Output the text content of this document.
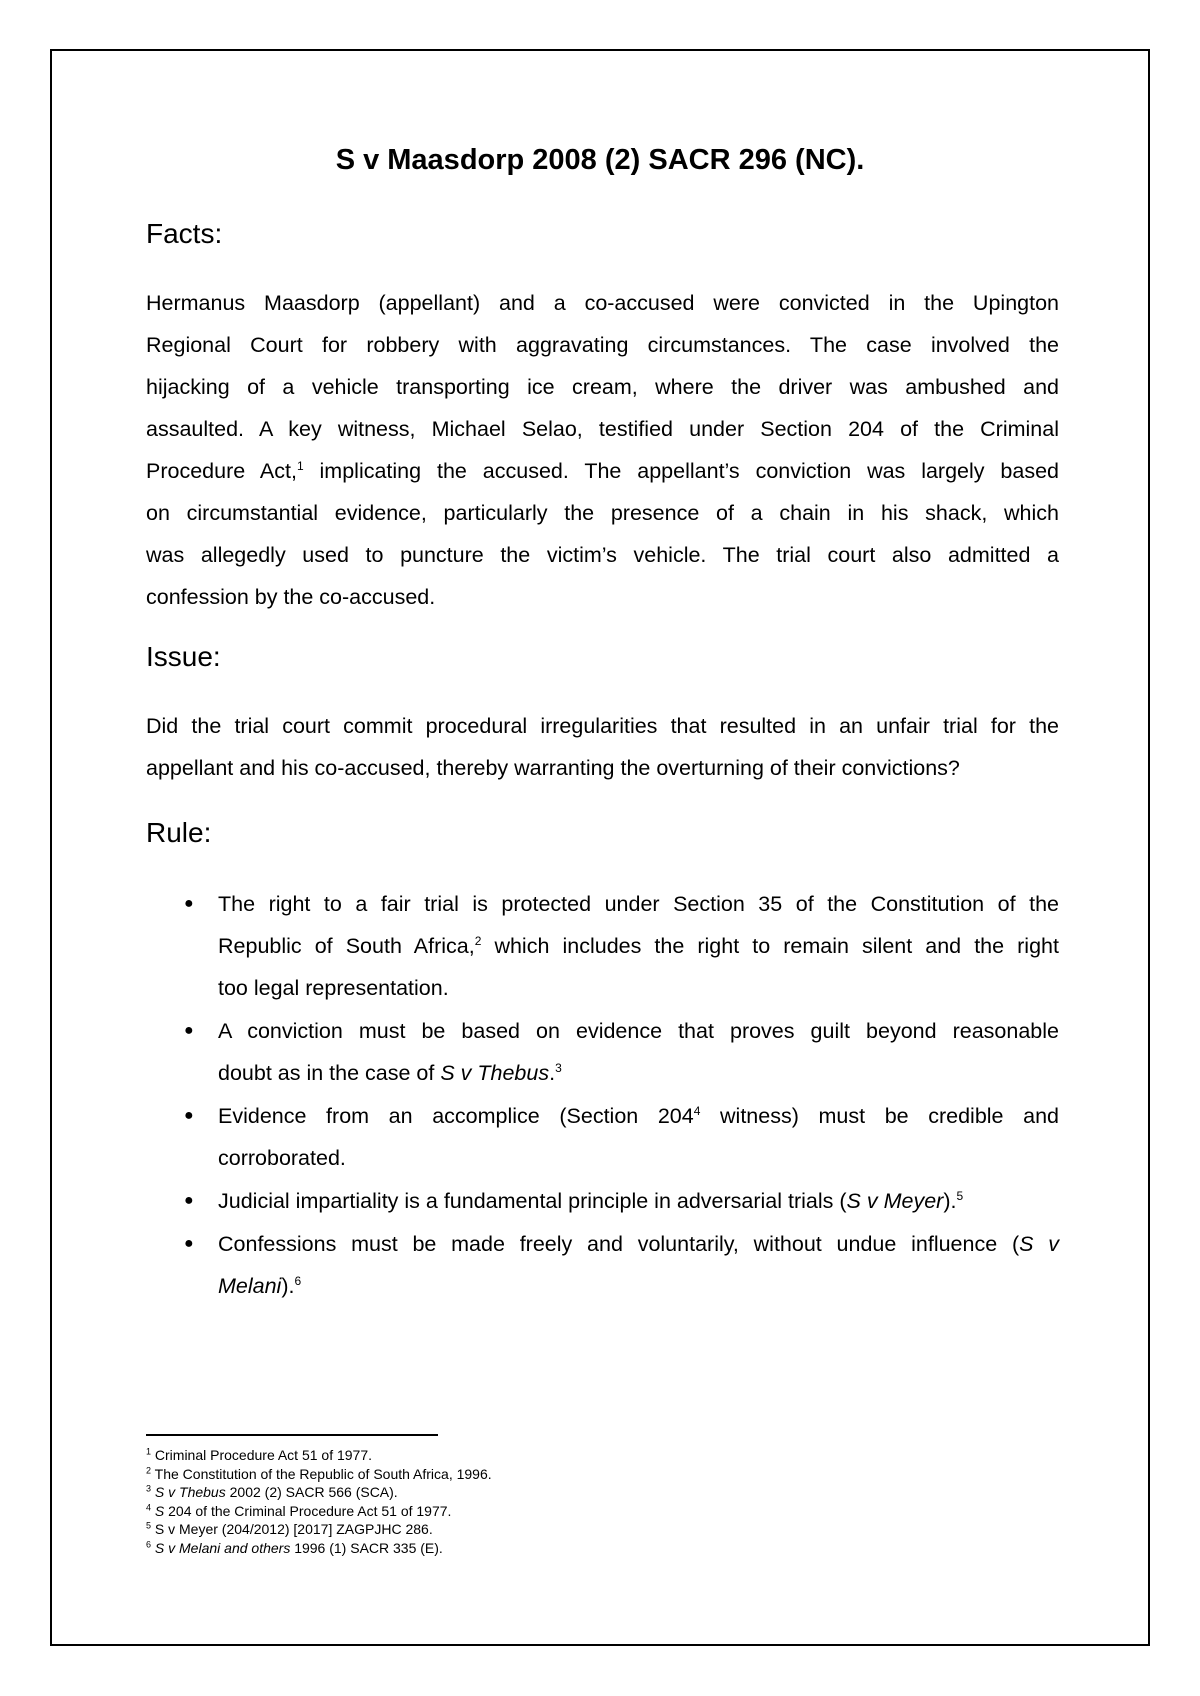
S v Maasdorp 2008 (2) SACR 296 (NC).
Facts:

Hermanus Maasdorp (appellant) and a co-accused were convicted in the Upington
Regional Court for robbery with aggravating circumstances. The case involved the
hijacking of a vehicle transporting ice cream, where the driver was ambushed and
assaulted. A key witness, Michael Selao, testified under Section 204 of the Criminal
Procedure Act,$^1$ implicating the accused. The appellant’s conviction was largely based
on circumstantial evidence, particularly the presence of a chain in his shack, which
was allegedly used to puncture the victim’s vehicle. The trial court also admitted a
confession by the co-accused.

Issue:

Did the trial court commit procedural irregularities that resulted in an unfair trial for the
appellant and his co-accused, thereby warranting the overturning of their convictions?

Rule:
● The right to a fair trial is protected under Section 35 of the Constitution of the
Republic of South Africa,$^2$ which includes the right to remain silent and the right
too legal representation.
● A conviction must be based on evidence that proves guilt beyond reasonable
doubt as in the case of S v Thebus.$^3$
● Evidence from an accomplice (Section $204^4$ witness) must be credible and
corroborated.
● Judicial impartiality is a fundamental principle in adversarial trials (S v Meyer).$^5$
● Confessions must be made freely and voluntarily, without undue influence (S v
Melani).$^6$
$^1$ Criminal Procedure Act 51 of 1977.
$^2$ The Constitution of the Republic of South Africa, 1996.
$^3$ S v Thebus 2002 (2) SACR 566 (SCA).
$^4$ S 204 of the Criminal Procedure Act 51 of 1977.
$^5$ S v Meyer (204/2012) [2017] ZAGPJHC 286.
$^6$ S v Melani and others 1996 (1) SACR 335 (E).
